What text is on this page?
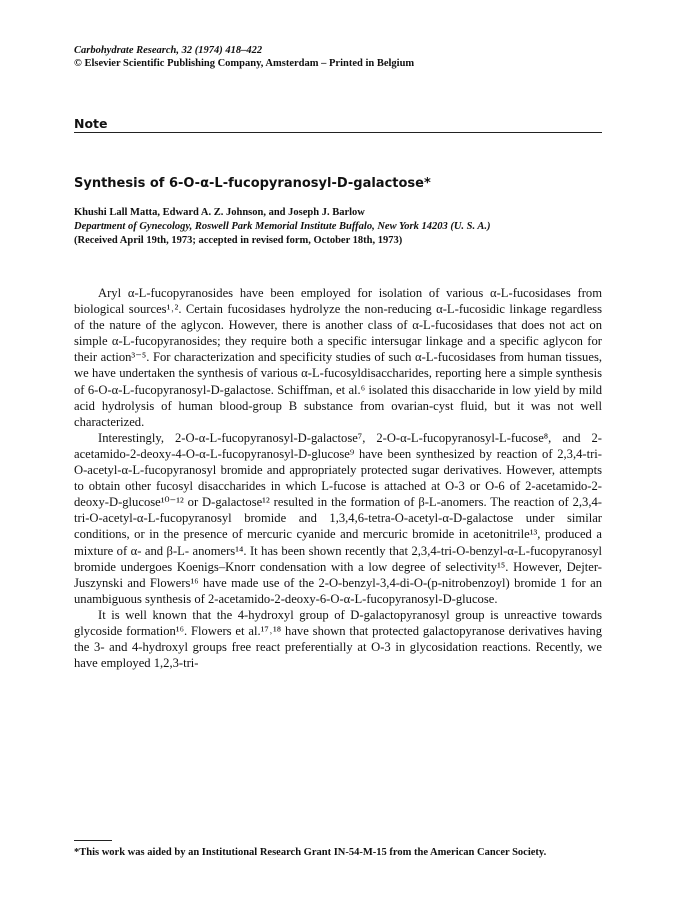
Carbohydrate Research, 32 (1974) 418–422
© Elsevier Scientific Publishing Company, Amsterdam – Printed in Belgium
Note
Synthesis of 6-O-α-L-fucopyranosyl-D-galactose*
Khushi Lall Matta, Edward A. Z. Johnson, and Joseph J. Barlow
Department of Gynecology, Roswell Park Memorial Institute Buffalo, New York 14203 (U. S. A.)
(Received April 19th, 1973; accepted in revised form, October 18th, 1973)

Aryl α-L-fucopyranosides have been employed for isolation of various α-L-fucosidases from biological sources¹˒². Certain fucosidases hydrolyze the non-reducing α-L-fucosidic linkage regardless of the nature of the aglycon. However, there is another class of α-L-fucosidases that does not act on simple α-L-fucopyranosides; they require both a specific intersugar linkage and a specific aglycon for their action³⁻⁵. For characterization and specificity studies of such α-L-fucosidases from human tissues, we have undertaken the synthesis of various α-L-fucosyldisaccharides, reporting here a simple synthesis of 6-O-α-L-fucopyranosyl-D-galactose. Schiffman, et al.⁶ isolated this disaccharide in low yield by mild acid hydrolysis of human blood-group B substance from ovarian-cyst fluid, but it was not well characterized.

Interestingly, 2-O-α-L-fucopyranosyl-D-galactose⁷, 2-O-α-L-fucopyranosyl-L-fucose⁸, and 2-acetamido-2-deoxy-4-O-α-L-fucopyranosyl-D-glucose⁹ have been synthesized by reaction of 2,3,4-tri-O-acetyl-α-L-fucopyranosyl bromide and appropriately protected sugar derivatives. However, attempts to obtain other fucosyl disaccharides in which L-fucose is attached at O-3 or O-6 of 2-acetamido-2-deoxy-D-glucose¹⁰⁻¹² or D-galactose¹² resulted in the formation of β-L-anomers. The reaction of 2,3,4-tri-O-acetyl-α-L-fucopyranosyl bromide and 1,3,4,6-tetra-O-acetyl-α-D-galactose under similar conditions, or in the presence of mercuric cyanide and mercuric bromide in acetonitrile¹³, produced a mixture of α- and β-L- anomers¹⁴. It has been shown recently that 2,3,4-tri-O-benzyl-α-L-fucopyranosyl bromide undergoes Koenigs–Knorr condensation with a low degree of selectivity¹⁵. However, Dejter-Juszynski and Flowers¹⁶ have made use of the 2-O-benzyl-3,4-di-O-(p-nitrobenzoyl) bromide 1 for an unambiguous synthesis of 2-acetamido-2-deoxy-6-O-α-L-fucopyranosyl-D-glucose.

It is well known that the 4-hydroxyl group of D-galactopyranosyl group is unreactive towards glycoside formation¹⁶. Flowers et al.¹⁷˒¹⁸ have shown that protected galactopyranose derivatives having the 3- and 4-hydroxyl groups free react preferentially at O-3 in glycosidation reactions. Recently, we have employed 1,2,3-tri-

*This work was aided by an Institutional Research Grant IN-54-M-15 from the American Cancer Society.
